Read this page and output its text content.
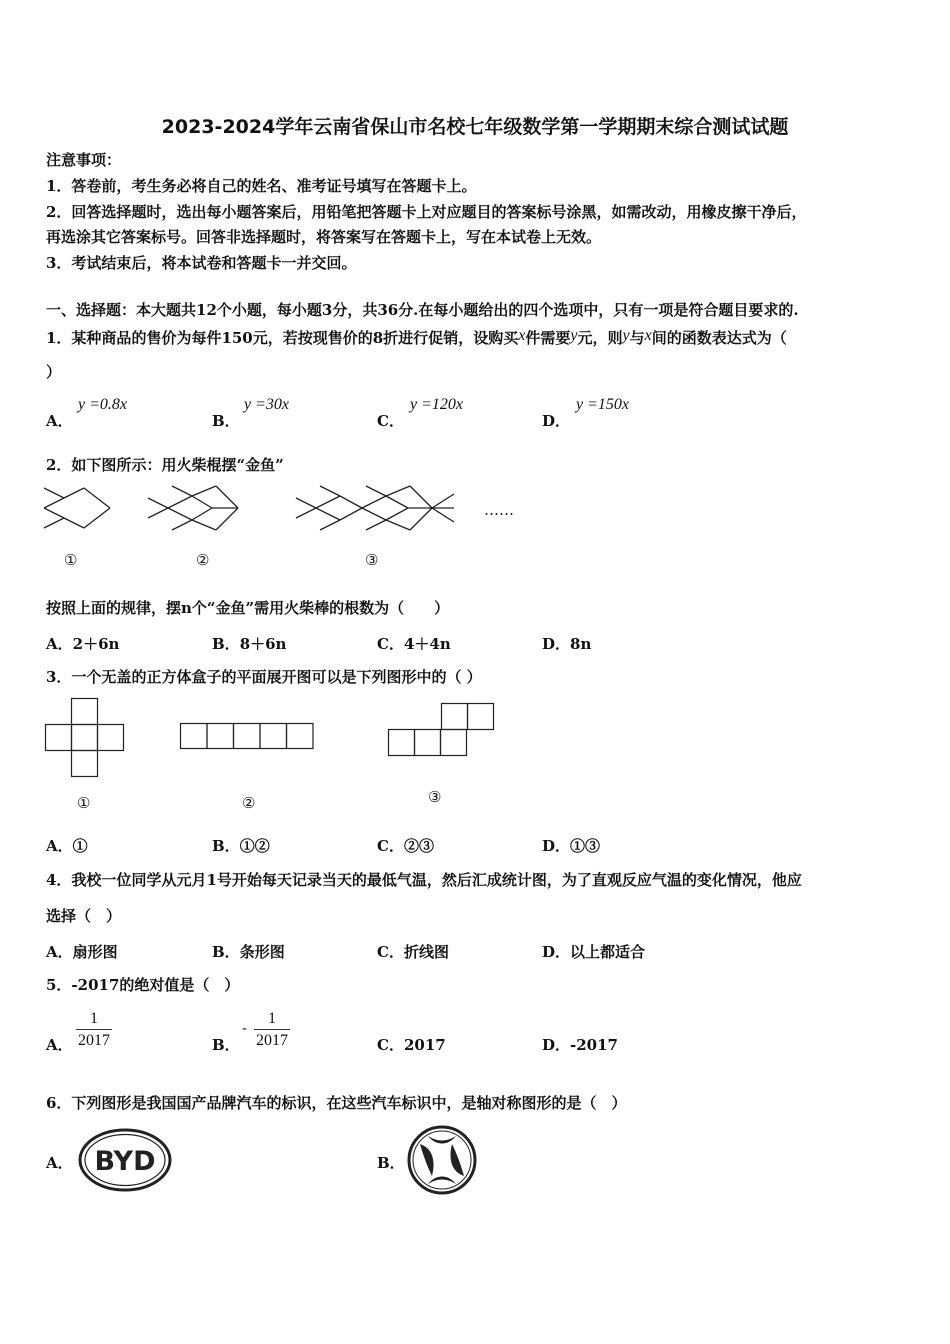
2023-2024学年云南省保山市名校七年级数学第一学期期末综合测试试题
注意事项：
1．答卷前，考生务必将自己的姓名、准考证号填写在答题卡上。
2．回答选择题时，选出每小题答案后，用铅笔把答题卡上对应题目的答案标号涂黑，如需改动，用橡皮擦干净后，
再选涂其它答案标号。回答非选择题时，将答案写在答题卡上，写在本试卷上无效。
3．考试结束后，将本试卷和答题卡一并交回。
一、选择题：本大题共12个小题，每小题3分，共36分.在每小题给出的四个选项中，只有一项是符合题目要求的.
1．某种商品的售价为每件150元，若按现售价的8折进行促销，设购买x件需要y元，则y与x间的函数表达式为（
）
A．
y =0.8x
B．
y =30x
C．
y =120x
D．
y =150x
2．如下图所示：用火柴棍摆“金鱼”
……
①	②	③
按照上面的规律，摆n个“金鱼”需用火柴棒的根数为（　　）
A．2＋6n	B．8＋6n	C．4＋4n	D．8n
3．一个无盖的正方体盒子的平面展开图可以是下列图形中的（ ）
①	②	③
A．①	B．①②	C．②③	D．①③
4．我校一位同学从元月1号开始每天记录当天的最低气温，然后汇成统计图，为了直观反应气温的变化情况，他应
选择（　）
A．扇形图	B．条形图	C．折线图	D．以上都适合
5．-2017的绝对值是（　）
A． $\frac{1}{2017}$	B．
- $\frac{1}{2017}$	C．2017	D．-2017
6．下列图形是我国国产品牌汽车的标识，在这些汽车标识中，是轴对称图形的是（　）
A． BYD	B．
